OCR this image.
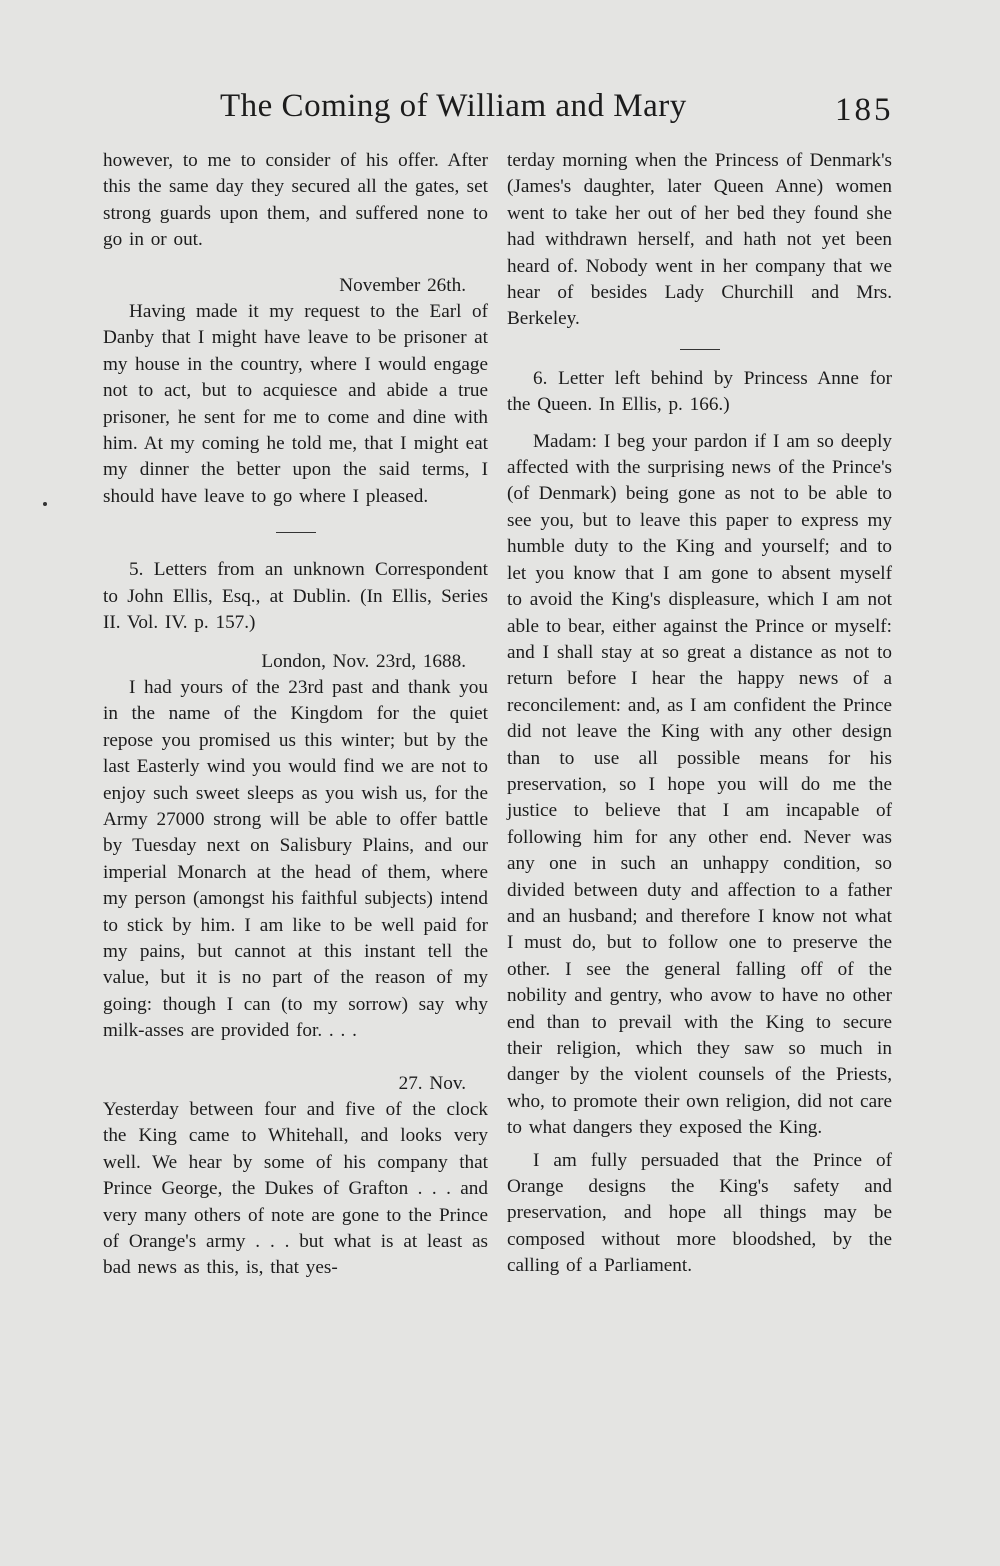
The Coming of William and Mary	185

however, to me to consider of his offer. After this the same day they secured all the gates, set strong guards upon them, and suffered none to go in or out.

November 26th.

Having made it my request to the Earl of Danby that I might have leave to be prisoner at my house in the country, where I would engage not to act, but to acquiesce and abide a true prisoner, he sent for me to come and dine with him. At my coming he told me, that I might eat my dinner the better upon the said terms, I should have leave to go where I pleased.

5. Letters from an unknown Correspondent to John Ellis, Esq., at Dublin. (In Ellis, Series II. Vol. IV. p. 157.)

London, Nov. 23rd, 1688.

I had yours of the 23rd past and thank you in the name of the Kingdom for the quiet repose you promised us this winter; but by the last Easterly wind you would find we are not to enjoy such sweet sleeps as you wish us, for the Army 27000 strong will be able to offer battle by Tuesday next on Salisbury Plains, and our imperial Monarch at the head of them, where my person (amongst his faithful subjects) intend to stick by him. I am like to be well paid for my pains, but cannot at this instant tell the value, but it is no part of the reason of my going: though I can (to my sorrow) say why milk-asses are provided for. . . .

27. Nov.

Yesterday between four and five of the clock the King came to Whitehall, and looks very well. We hear by some of his company that Prince George, the Dukes of Grafton . . . and very many others of note are gone to the Prince of Orange's army . . . but what is at least as bad news as this, is, that yes-

terday morning when the Princess of Denmark's (James's daughter, later Queen Anne) women went to take her out of her bed they found she had withdrawn herself, and hath not yet been heard of. Nobody went in her company that we hear of besides Lady Churchill and Mrs. Berkeley.

6. Letter left behind by Princess Anne for the Queen. In Ellis, p. 166.)

Madam: I beg your pardon if I am so deeply affected with the surprising news of the Prince's (of Denmark) being gone as not to be able to see you, but to leave this paper to express my humble duty to the King and yourself; and to let you know that I am gone to absent myself to avoid the King's displeasure, which I am not able to bear, either against the Prince or myself: and I shall stay at so great a distance as not to return before I hear the happy news of a reconcilement: and, as I am confident the Prince did not leave the King with any other design than to use all possible means for his preservation, so I hope you will do me the justice to believe that I am incapable of following him for any other end. Never was any one in such an unhappy condition, so divided between duty and affection to a father and an husband; and therefore I know not what I must do, but to follow one to preserve the other. I see the general falling off of the nobility and gentry, who avow to have no other end than to prevail with the King to secure their religion, which they saw so much in danger by the violent counsels of the Priests, who, to promote their own religion, did not care to what dangers they exposed the King.

I am fully persuaded that the Prince of Orange designs the King's safety and preservation, and hope all things may be composed without more bloodshed, by the calling of a Parliament.
